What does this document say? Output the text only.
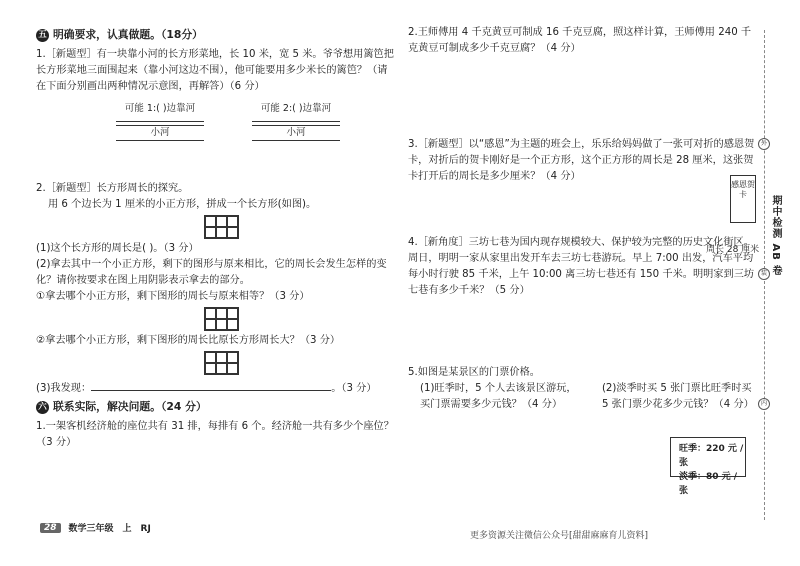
五 明确要求，认真做题。（18分）

1.［新题型］有一块靠小河的长方形菜地，长 10 米，宽 5 米。爷爷想用篱笆把长方形菜地三面围起来（靠小河这边不围），他可能要用多少米长的篱笆？（请在下面分别画出两种情况示意图，再解答）（6 分）

可能 1:( )边靠河
小河
可能 2:( )边靠河
小河

2.［新题型］长方形周长的探究。

用 6 个边长为 1 厘米的小正方形，拼成一个长方形(如图)。

(1)这个长方形的周长是( )。（3 分）

(2)拿去其中一个小正方形，剩下的图形与原来相比，它的周长会发生怎样的变化？请你按要求在图上用阴影表示拿去的部分。

①拿去哪个小正方形，剩下图形的周长与原来相等？（3 分）

②拿去哪个小正方形，剩下图形的周长比原长方形周长大？（3 分）

(3)我发现：	。（3 分）

六 联系实际，解决问题。（24 分）

1.一架客机经济舱的座位共有 31 排，每排有 6 个。经济舱一共有多少个座位？（3 分）

2.王师傅用 4 千克黄豆可制成 16 千克豆腐，照这样计算，王师傅用 240 千克黄豆可制成多少千克豆腐？（4 分）

3.［新题型］以“感恩”为主题的班会上，乐乐给妈妈做了一张可对折的感恩贺卡，对折后的贺卡刚好是一个正方形，这个正方形的周长是 28 厘米，这张贺卡打开后的周长是多少厘米？（4 分）

感恩贺卡
周长 28 厘米

4.［新角度］三坊七巷为国内现存规模较大、保护较为完整的历史文化街区。周日，明明一家从家里出发开车去三坊七巷游玩。早上 7:00 出发，汽车平均每小时行驶 85 千米，上午 10:00 离三坊七巷还有 150 千米。明明家到三坊七巷有多少千米？（5 分）

5.如图是某景区的门票价格。

(1)旺季时，5 个人去该景区游玩，买门票需要多少元钱？（4 分）

(2)淡季时买 5 张门票比旺季时买 5 张门票少花多少元钱？（4 分）

旺季：220 元 / 张
淡季：80 元 / 张
外
装
内
期中检测 AB 卷
28	数学三年级　上　RJ
更多资源关注微信公众号[甜甜麻麻育儿资料]
